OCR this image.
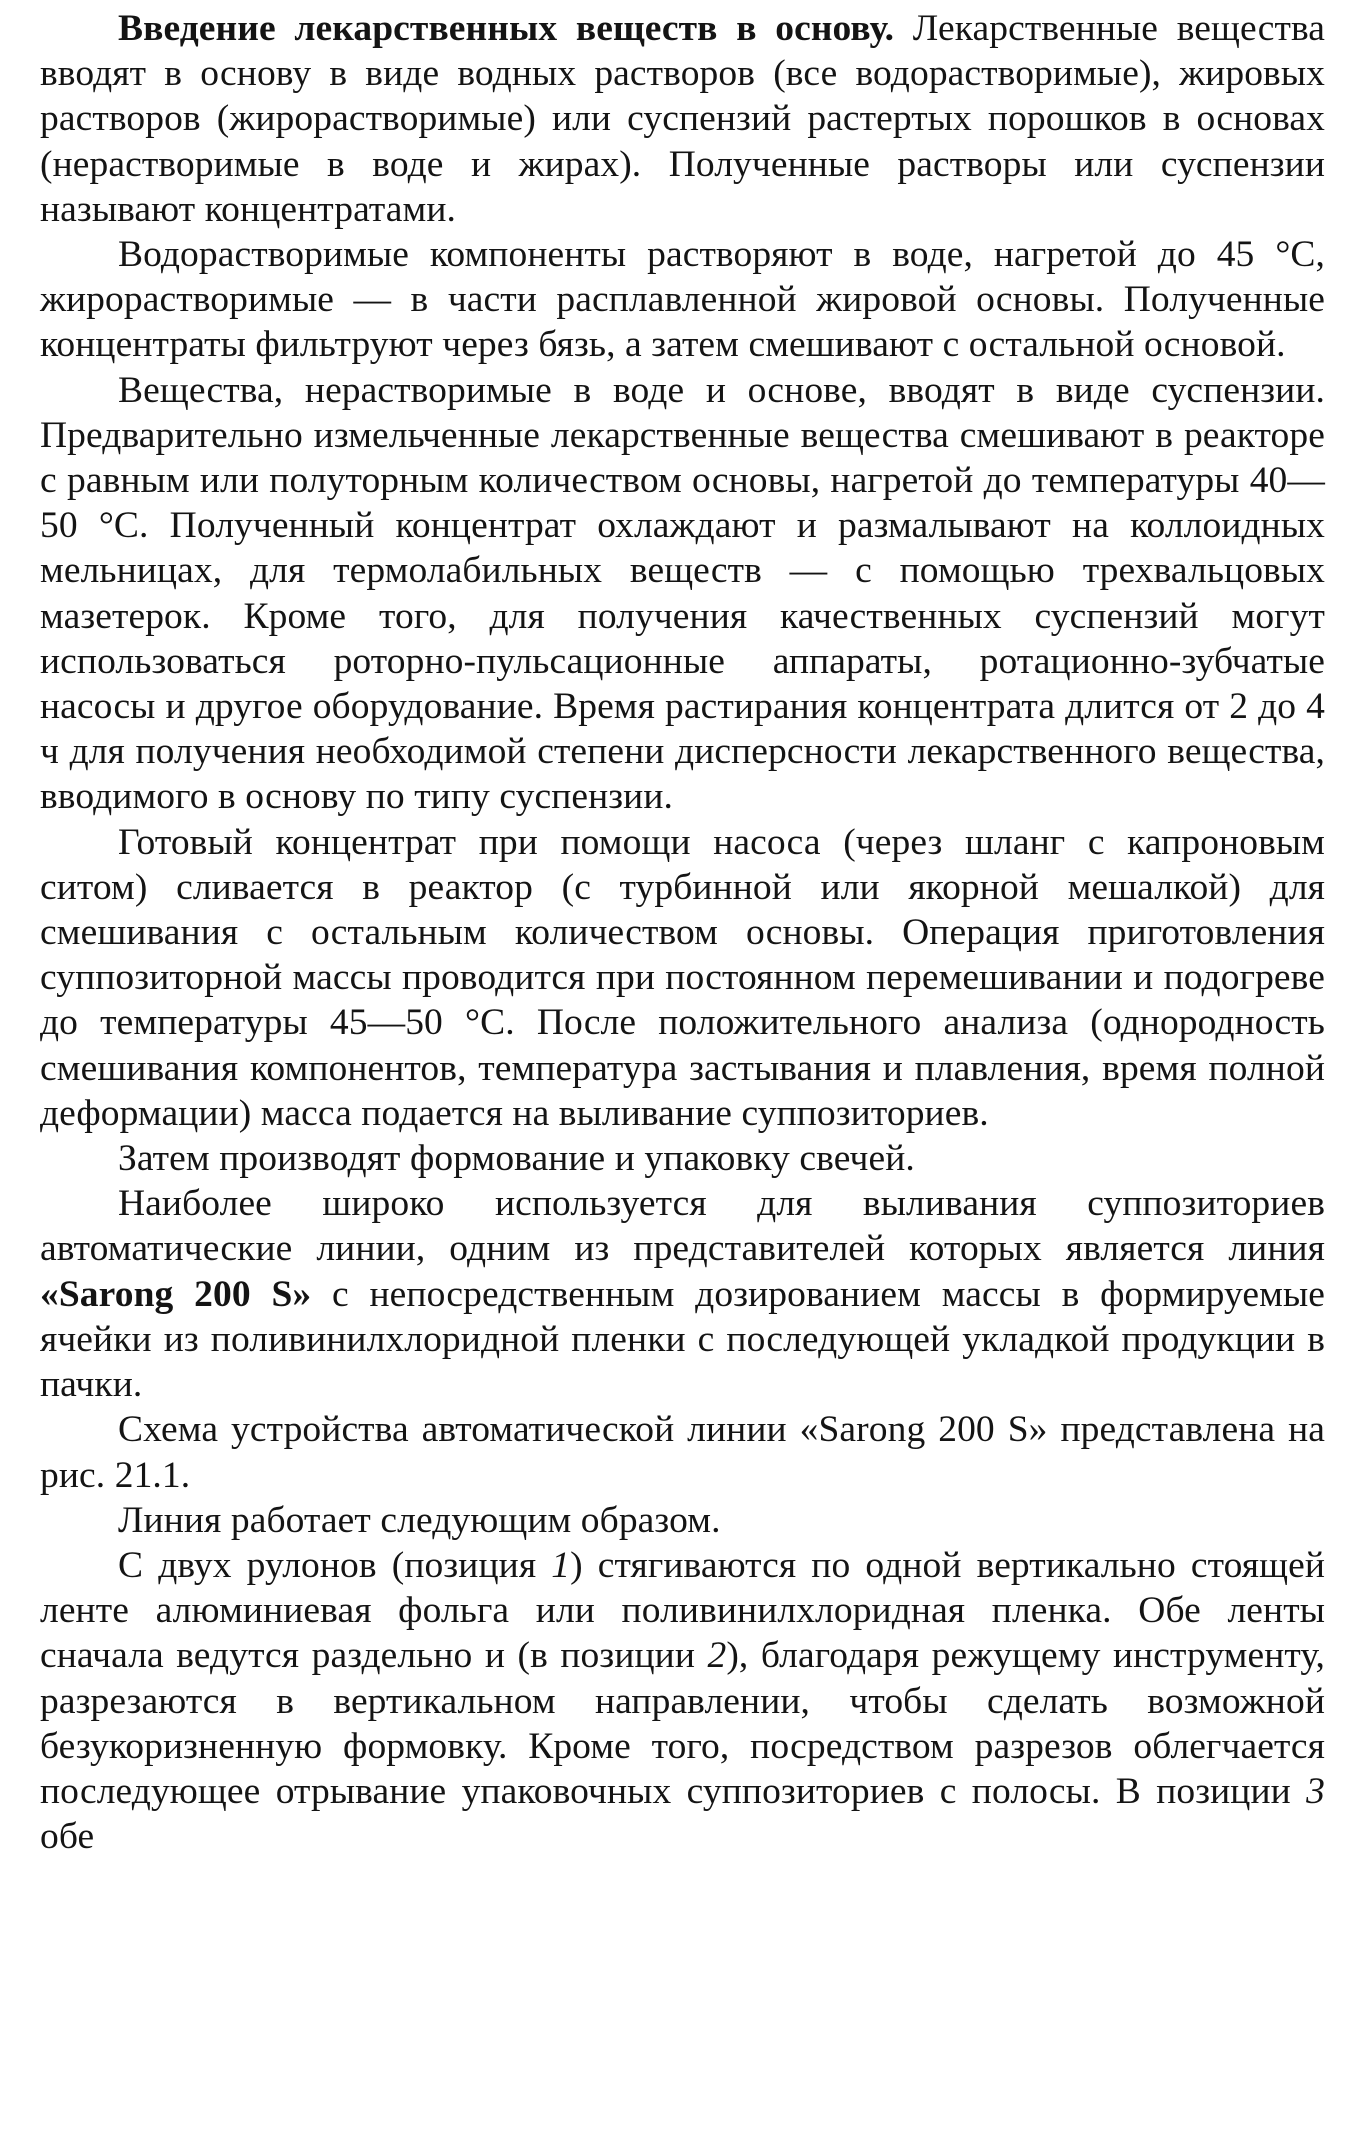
Введение лекарственных веществ в основу. Лекарственные вещества вводят в основу в виде водных растворов (все водорастворимые), жировых растворов (жирорастворимые) или суспензий растертых порошков в основах (нерастворимые в воде и жирах). Полученные растворы или суспензии называют концентратами.

Водорастворимые компоненты растворяют в воде, нагретой до 45 °С, жирорастворимые — в части расплавленной жировой основы. Полученные концентраты фильтруют через бязь, а затем смешивают с остальной основой.

Вещества, нерастворимые в воде и основе, вводят в виде суспензии. Предварительно измельченные лекарственные вещества смешивают в реакторе с равным или полуторным количеством основы, нагретой до температуры 40—50 °С. Полученный концентрат охлаждают и размалывают на коллоидных мельницах, для термолабильных веществ — с помощью трехвальцовых мазетерок. Кроме того, для получения качественных суспензий могут использоваться роторно-пульсационные аппараты, ротационно-зубчатые насосы и другое оборудование. Время растирания концентрата длится от 2 до 4 ч для получения необходимой степени дисперсности лекарственного вещества, вводимого в основу по типу суспензии.

Готовый концентрат при помощи насоса (через шланг с капроновым ситом) сливается в реактор (с турбинной или якорной мешалкой) для смешивания с остальным количеством основы. Операция приготовления суппозиторной массы проводится при постоянном перемешивании и подогреве до температуры 45—50 °С. После положительного анализа (однородность смешивания компонентов, температура застывания и плавления, время полной деформации) масса подается на выливание суппозиториев.

Затем производят формование и упаковку свечей.

Наиболее широко используется для выливания суппозиториев автоматические линии, одним из представителей которых является линия «Sarong 200 S» с непосредственным дозированием массы в формируемые ячейки из поливинилхлоридной пленки с последующей укладкой продукции в пачки.

Схема устройства автоматической линии «Sarong 200 S» представлена на рис. 21.1.

Линия работает следующим образом.

С двух рулонов (позиция 1) стягиваются по одной вертикально стоящей ленте алюминиевая фольга или поливинилхлоридная пленка. Обе ленты сначала ведутся раздельно и (в позиции 2), благодаря режущему инструменту, разрезаются в вертикальном направлении, чтобы сделать возможной безукоризненную формовку. Кроме того, посредством разрезов облегчается последующее отрывание упаковочных суппозиториев с полосы. В позиции 3 обе
